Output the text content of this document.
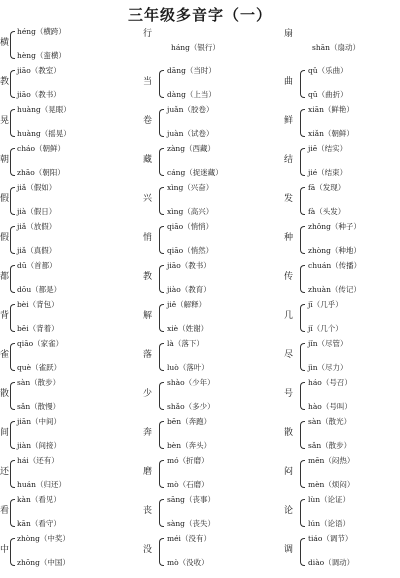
三年级多音字（一）
横
héng（横跨）
hèng（蛮横）
教
jiāo（教室）
jiāo（教书）
晃
huàng（晃眼）
huàng（摇晃）
朝
cháo（朝鲜）
zhāo（朝阳）
假
jiǎ（假如）
jià（假日）
假
jiǎ（放假）
jiǎ（真假）
都
dū（首都）
dōu（都是）
背
bèi（背包）
bēi（背着）
雀
qiāo（家雀）
què（雀跃）
散
sàn（散步）
sǎn（散慢）
间
jiān（中间）
jiàn（间接）
还
hái（还有）
huán（归还）
看
kàn（看见）
kān（看守）
中
zhòng（中奖）
zhōng（中国）
行
háng（银行）
当
dāng（当时）
dàng（上当）
卷
juǎn（胶卷）
juàn（试卷）
藏
zàng（西藏）
cáng（捉迷藏）
兴
xìng（兴奋）
xìng（高兴）
悄
qiāo（悄悄）
qiāo（悄然）
教
jiāo（教书）
jiào（教育）
解
jiě（解释）
xiè（姓谢）
落
là（落下）
luò（落叶）
少
shào（少年）
shǎo（多少）
奔
bēn（奔跑）
bèn（奔头）
磨
mó（折磨）
mò（石磨）
丧
sāng（丧事）
sàng（丧失）
没
méi（没有）
mò（没收）
扇
shān（扇动）
曲
qǔ（乐曲）
qū（曲折）
鲜
xiān（鲜艳）
xiǎn（朝鲜）
结
jiē（结实）
jié（结束）
发
fā（发现）
fà（头发）
种
zhǒng（种子）
zhòng（种地）
传
chuán（传播）
zhuàn（传记）
几
jī（几乎）
jǐ（几个）
尽
jǐn（尽管）
jìn（尽力）
号
háo（号召）
hào（号叫）
散
sàn（散光）
sǎn（散步）
闷
mēn（闷热）
mèn（烦闷）
论
lùn（论证）
lún（论语）
调
tiáo（调节）
diào（调动）
